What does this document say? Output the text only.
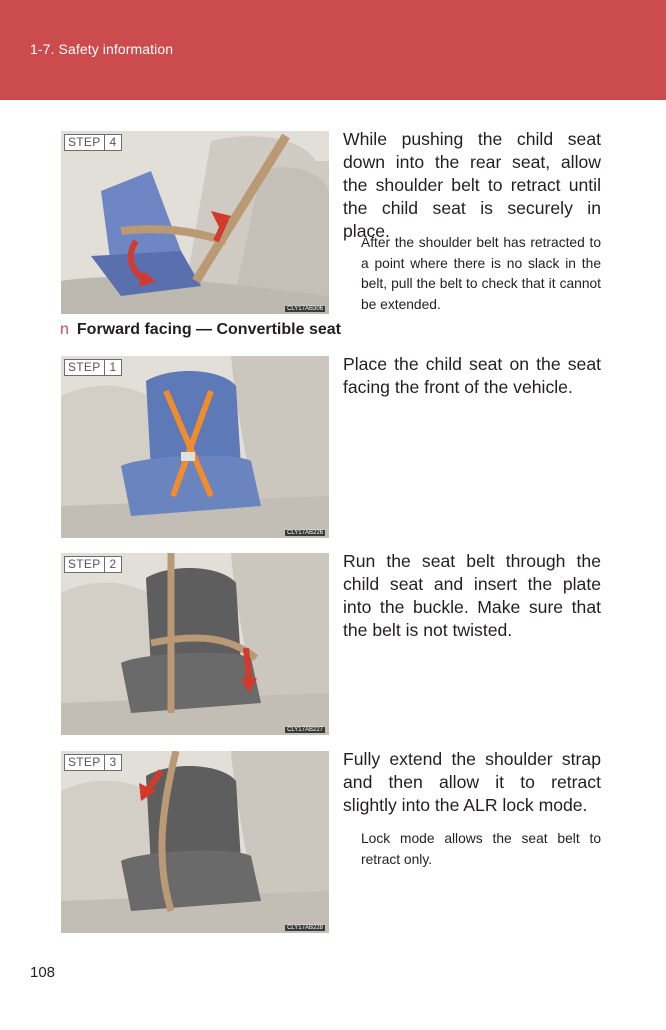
1-7. Safety information
STEP 4
CLY17AB306
While pushing the child seat down into the rear seat, allow the shoulder belt to retract until the child seat is securely in place.
After the shoulder belt has retracted to a point where there is no slack in the belt, pull the belt to check that it cannot be extended.
n Forward facing — Convertible seat
STEP 1
CLY17AB226
Place the child seat on the seat facing the front of the vehicle.
STEP 2
CLY17AB227
Run the seat belt through the child seat and insert the plate into the buckle. Make sure that the belt is not twisted.
STEP 3
CLY17AB228
Fully extend the shoulder strap and then allow it to retract slightly into the ALR lock mode.
Lock mode allows the seat belt to retract only.
108
